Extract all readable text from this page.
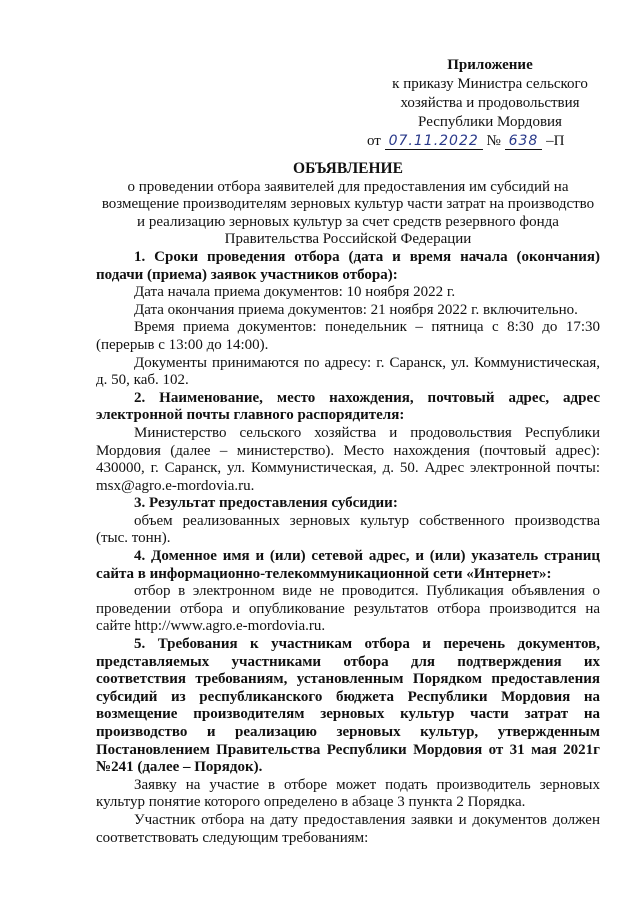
Приложение
к приказу Министра сельского
хозяйства и продовольствия
Республики Мордовия
от 07.11.2022 № 638 –П
ОБЪЯВЛЕНИЕ

о проведении отбора заявителей для предоставления им субсидий на возмещение производителям зерновых культур части затрат на производство и реализацию зерновых культур за счет средств резервного фонда Правительства Российской Федерации

1. Сроки проведения отбора (дата и время начала (окончания) подачи (приема) заявок участников отбора):

Дата начала приема документов: 10 ноября 2022 г.

Дата окончания приема документов: 21 ноября 2022 г. включительно.

Время приема документов: понедельник – пятница с 8:30 до 17:30 (перерыв с 13:00 до 14:00).

Документы принимаются по адресу: г. Саранск, ул. Коммунистическая, д. 50, каб. 102.

2. Наименование, место нахождения, почтовый адрес, адрес электронной почты главного распорядителя:

Министерство сельского хозяйства и продовольствия Республики Мордовия (далее – министерство). Место нахождения (почтовый адрес): 430000, г. Саранск, ул. Коммунистическая, д. 50. Адрес электронной почты: msx@agro.e-mordovia.ru.

3. Результат предоставления субсидии:

объем реализованных зерновых культур собственного производства (тыс. тонн).

4. Доменное имя и (или) сетевой адрес, и (или) указатель страниц сайта в информационно-телекоммуникационной сети «Интернет»:

отбор в электронном виде не проводится. Публикация объявления о проведении отбора и опубликование результатов отбора производится на сайте http://www.agro.e-mordovia.ru.

5. Требования к участникам отбора и перечень документов, представляемых участниками отбора для подтверждения их соответствия требованиям, установленным Порядком предоставления субсидий из республиканского бюджета Республики Мордовия на возмещение производителям зерновых культур части затрат на производство и реализацию зерновых культур, утвержденным Постановлением Правительства Республики Мордовия от 31 мая 2021г №241 (далее – Порядок).

Заявку на участие в отборе может подать производитель зерновых культур понятие которого определено в абзаце 3 пункта 2 Порядка.

Участник отбора на дату предоставления заявки и документов должен соответствовать следующим требованиям:
